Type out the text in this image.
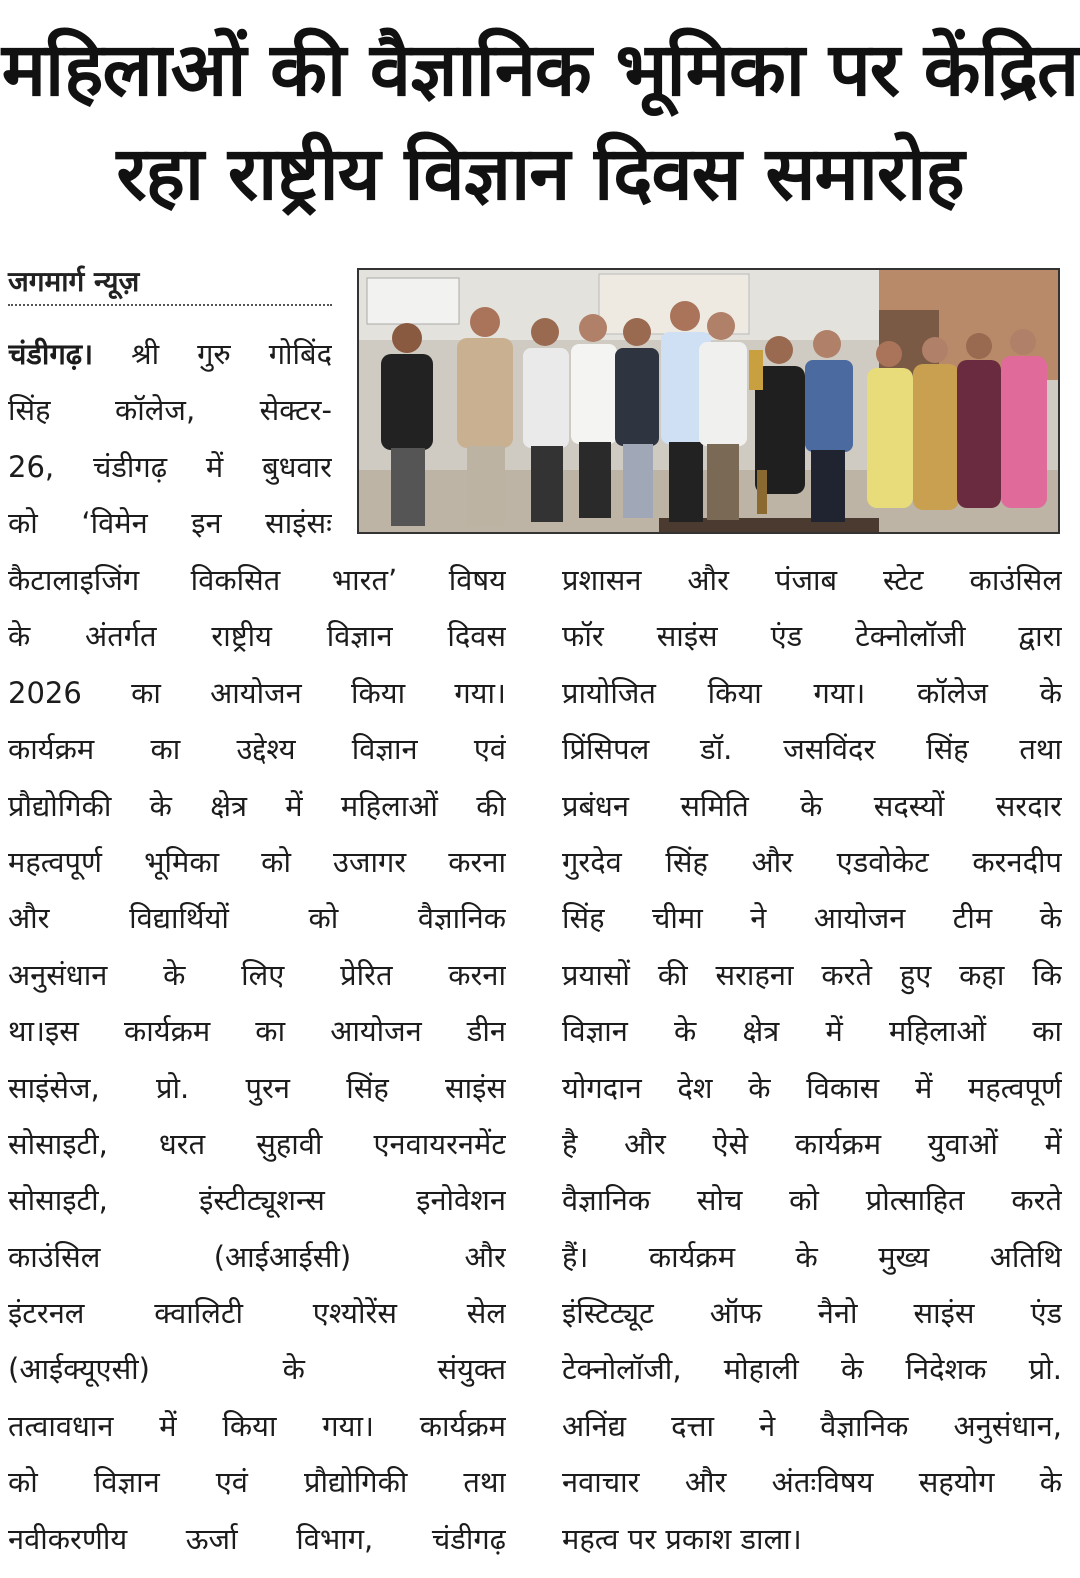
महिलाओं की वैज्ञानिक भूमिका पर केंद्रित
रहा राष्ट्रीय विज्ञान दिवस समारोह
जगमार्ग न्यूज़
चंडीगढ़। श्री गुरु गोबिंद
सिंह कॉलेज, सेक्टर-
26, चंडीगढ़ में बुधवार
को ‘विमेन इन साइंसः
कैटालाइजिंग विकसित भारत’ विषय
के अंतर्गत राष्ट्रीय विज्ञान दिवस
2026 का आयोजन किया गया।
कार्यक्रम का उद्देश्य विज्ञान एवं
प्रौद्योगिकी के क्षेत्र में महिलाओं की
महत्वपूर्ण भूमिका को उजागर करना
और विद्यार्थियों को वैज्ञानिक
अनुसंधान के लिए प्रेरित करना
था।इस कार्यक्रम का आयोजन डीन
साइंसेज, प्रो. पुरन सिंह साइंस
सोसाइटी, धरत सुहावी एनवायरनमेंट
सोसाइटी, इंस्टीट्यूशन्स इनोवेशन
काउंसिल (आईआईसी) और
इंटरनल क्वालिटी एश्योरेंस सेल
(आईक्यूएसी) के संयुक्त
तत्वावधान में किया गया। कार्यक्रम
को विज्ञान एवं प्रौद्योगिकी तथा
नवीकरणीय ऊर्जा विभाग, चंडीगढ़
प्रशासन और पंजाब स्टेट काउंसिल
फॉर साइंस एंड टेक्नोलॉजी द्वारा
प्रायोजित किया गया। कॉलेज के
प्रिंसिपल डॉ. जसविंदर सिंह तथा
प्रबंधन समिति के सदस्यों सरदार
गुरदेव सिंह और एडवोकेट करनदीप
सिंह चीमा ने आयोजन टीम के
प्रयासों की सराहना करते हुए कहा कि
विज्ञान के क्षेत्र में महिलाओं का
योगदान देश के विकास में महत्वपूर्ण
है और ऐसे कार्यक्रम युवाओं में
वैज्ञानिक सोच को प्रोत्साहित करते
हैं। कार्यक्रम के मुख्य अतिथि
इंस्टिट्यूट ऑफ नैनो साइंस एंड
टेक्नोलॉजी, मोहाली के निदेशक प्रो.
अनिंद्य दत्ता ने वैज्ञानिक अनुसंधान,
नवाचार और अंतःविषय सहयोग के
महत्व पर प्रकाश डाला।
